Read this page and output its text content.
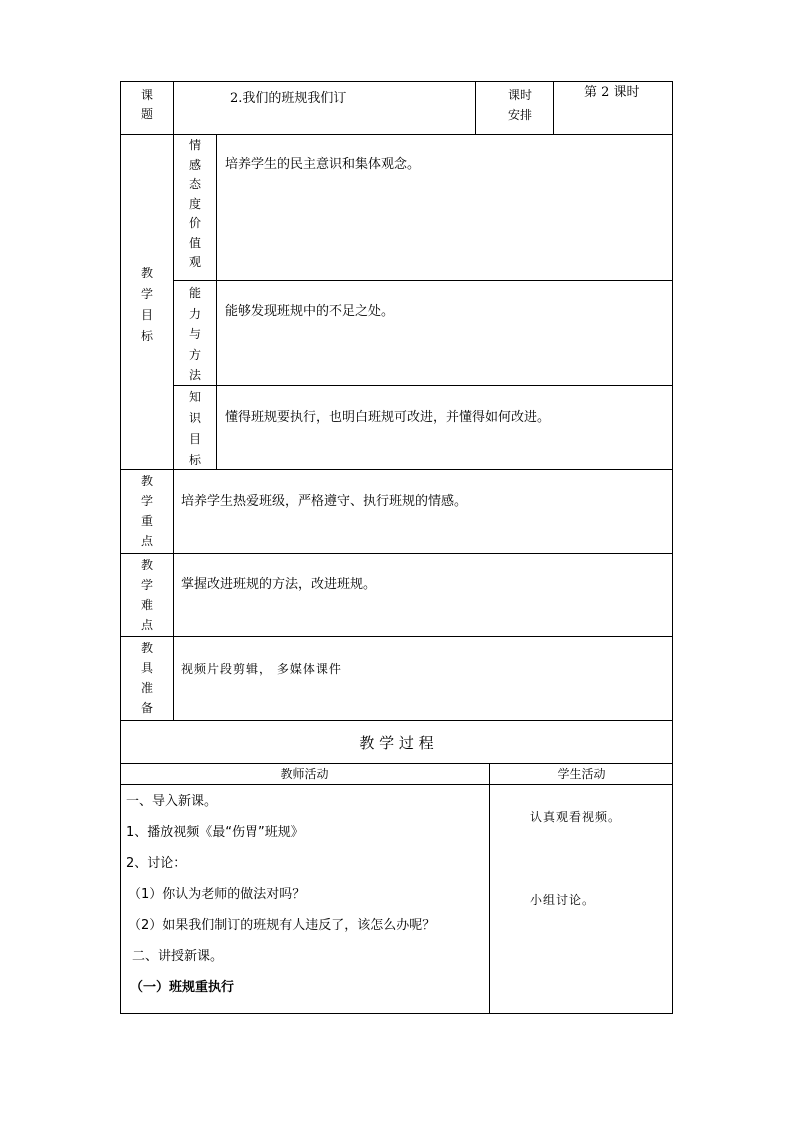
课
题
2.我们的班规我们订	课时
安排
第 2 课时
教
学
目
标
情
感
态
度
价
值
观
培养学生的民主意识和集体观念。
能
力
与
方
法
能够发现班规中的不足之处。
知
识
目
标
懂得班规要执行，也明白班规可改进，并懂得如何改进。
教
学
重
点
培养学生热爱班级，严格遵守、执行班规的情感。
教
学
难
点
掌握改进班规的方法，改进班规。
教
具
准
备
视频片段剪辑， 多媒体课件
教 学 过 程
教师活动	学生活动
一、导入新课。
1、播放视频《最“伤胃”班规》
2、讨论：
（1）你认为老师的做法对吗？
（2）如果我们制订的班规有人违反了，该怎么办呢？
二、讲授新课。
（一）班规重执行
认真观看视频。
小组讨论。
